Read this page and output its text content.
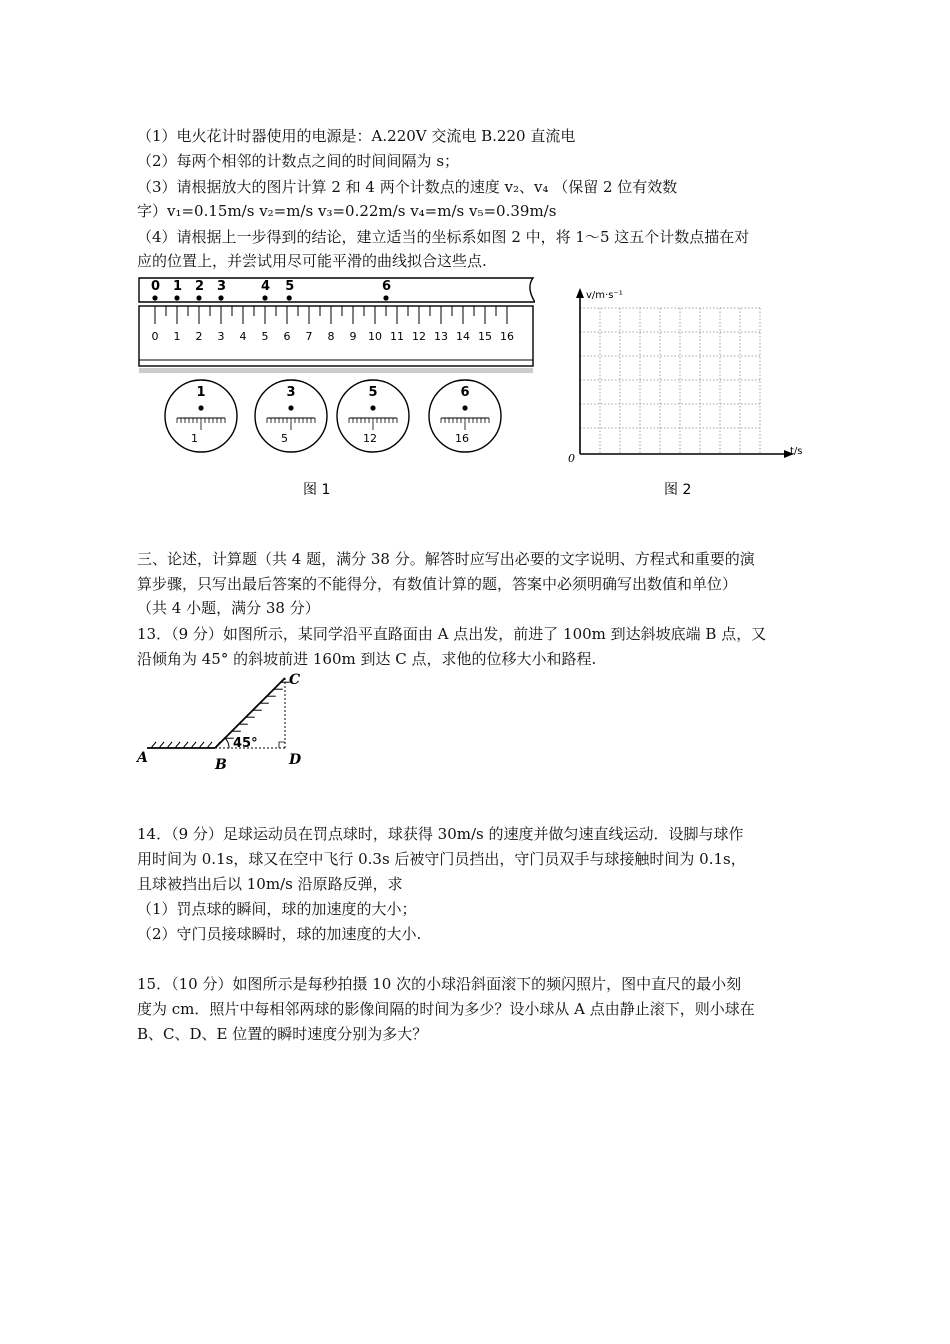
（1）电火花计时器使用的电源是：A.220V 交流电 B.220 直流电
（2）每两个相邻的计数点之间的时间间隔为 s；
（3）请根据放大的图片计算 2 和 4 两个计数点的速度 v₂、v₄ （保留 2 位有效数
字）v₁=0.15m/s v₂=m/s v₃=0.22m/s v₄=m/s v₅=0.39m/s
（4）请根据上一步得到的结论，建立适当的坐标系如图 2 中，将 1～5 这五个计数点描在对
应的位置上，并尝试用尽可能平滑的曲线拟合这些点.
0 1 2 3	4 5	6
0 1 2 3 4 5 6 7 8 9 10 11 12 13 14 15 16
1
1
3
5
5
12
6
16
图 1
v/m·s⁻¹
t/s
0
图 2
三、论述，计算题（共 4 题，满分 38 分。解答时应写出必要的文字说明、方程式和重要的演
算步骤，只写出最后答案的不能得分，有数值计算的题，答案中必须明确写出数值和单位）
（共 4 小题，满分 38 分）
13．（9 分）如图所示，某同学沿平直路面由 A 点出发，前进了 100m 到达斜坡底端 B 点，又
沿倾角为 45° 的斜坡前进 160m 到达 C 点，求他的位移大小和路程.
45°
A	B
C
D
14．（9 分）足球运动员在罚点球时，球获得 30m/s 的速度并做匀速直线运动．设脚与球作
用时间为 0.1s，球又在空中飞行 0.3s 后被守门员挡出，守门员双手与球接触时间为 0.1s，
且球被挡出后以 10m/s 沿原路反弹，求
（1）罚点球的瞬间，球的加速度的大小；
（2）守门员接球瞬时，球的加速度的大小.
15．（10 分）如图所示是每秒拍摄 10 次的小球沿斜面滚下的频闪照片，图中直尺的最小刻
度为 cm．照片中每相邻两球的影像间隔的时间为多少？设小球从 A 点由静止滚下，则小球在
B、C、D、E 位置的瞬时速度分别为多大？
